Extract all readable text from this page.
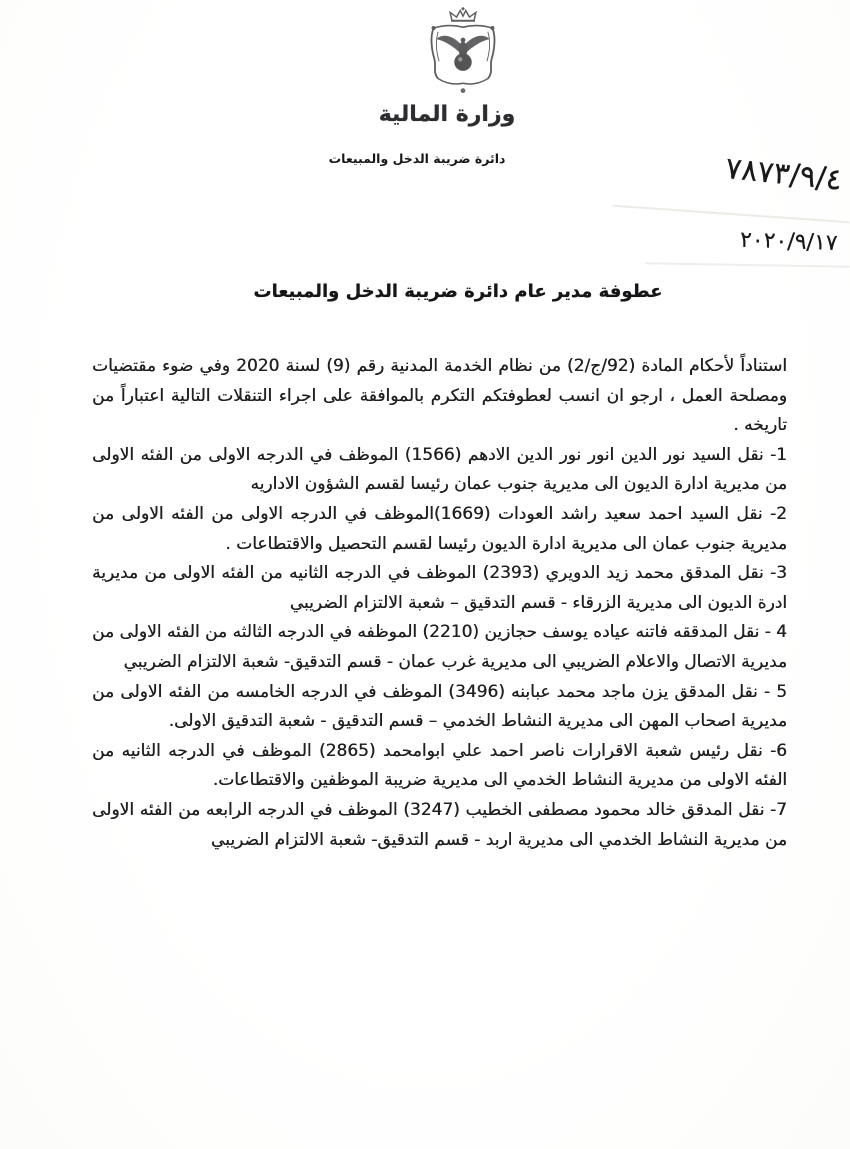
وزارة المالية
دائرة ضريبة الدخل والمبيعات	٧٨٧٣/٩/٤
٢٠٢٠/٩/١٧
عطوفة مدير عام دائرة ضريبة الدخل والمبيعات

استناداً لأحكام المادة (92/ج/2) من نظام الخدمة المدنية رقم (9) لسنة 2020 وفي ضوء مقتضيات ومصلحة العمل ، ارجو ان انسب لعطوفتكم التكرم بالموافقة على اجراء التنقلات التالية اعتباراً من تاريخه .

1- نقل السيد نور الدين انور نور الدين الادهم (1566) الموظف في الدرجه الاولى من الفئه الاولى من مديرية ادارة الديون الى مديرية جنوب عمان رئيسا لقسم الشؤون الاداريه

2- نقل السيد احمد سعيد راشد العودات (1669)الموظف في الدرجه الاولى من الفئه الاولى من مديرية جنوب عمان الى مديرية ادارة الديون رئيسا لقسم التحصيل والاقتطاعات .

3- نقل المدقق محمد زيد الدويري (2393) الموظف في الدرجه الثانيه من الفئه الاولى من مديرية ادرة الديون الى مديرية الزرقاء - قسم التدقيق – شعبة الالتزام الضريبي

4 - نقل المدققه فاتنه عياده يوسف حجازين (2210) الموظفه في الدرجه الثالثه من الفئه الاولى من مديرية الاتصال والاعلام الضريبي الى مديرية غرب عمان - قسم التدقيق- شعبة الالتزام الضريبي

5 - نقل المدقق يزن ماجد محمد عبابنه (3496) الموظف في الدرجه الخامسه من الفئه الاولى من مديرية اصحاب المهن الى مديرية النشاط الخدمي – قسم التدقيق - شعبة التدقيق الاولى.

6- نقل رئيس شعبة الاقرارات ناصر احمد علي ابوامحمد (2865) الموظف في الدرجه الثانيه من الفئه الاولى من مديرية النشاط الخدمي الى مديرية ضريبة الموظفين والاقتطاعات.

7- نقل المدقق خالد محمود مصطفى الخطيب (3247) الموظف في الدرجه الرابعه من الفئه الاولى من مديرية النشاط الخدمي الى مديرية اربد - قسم التدقيق- شعبة الالتزام الضريبي
